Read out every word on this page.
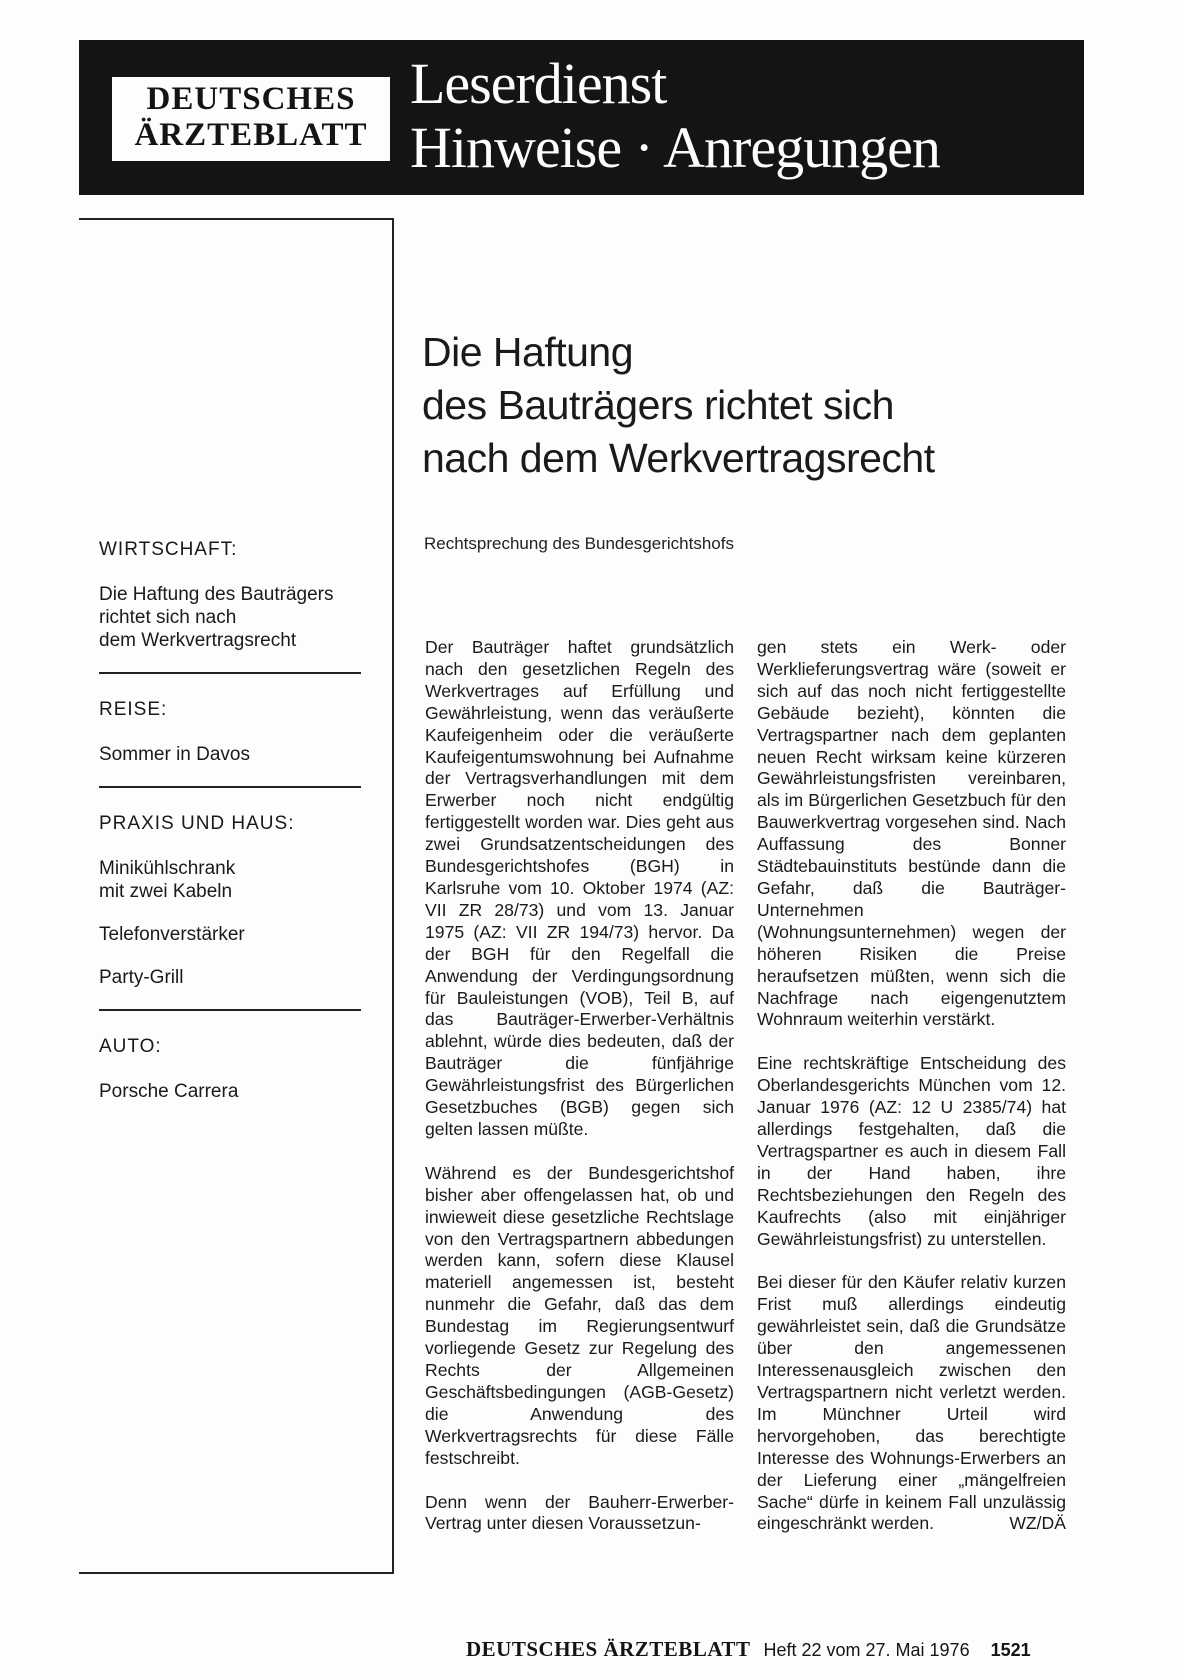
DEUTSCHES
ÄRZTEBLATT
Leserdienst
Hinweise · Anregungen
WIRTSCHAFT:
Die Haftung des Bauträgers
richtet sich nach
dem Werkvertragsrecht
REISE:
Sommer in Davos
PRAXIS UND HAUS:
Minikühlschrank
mit zwei Kabeln
Telefonverstärker
Party-Grill
AUTO:
Porsche Carrera
Die Haftung
des Bauträgers richtet sich
nach dem Werkvertragsrecht
Rechtsprechung des Bundesgerichtshofs

Der Bauträger haftet grundsätzlich nach den gesetzlichen Regeln des Werkvertrages auf Erfüllung und Gewährleistung, wenn das veräußerte Kaufeigenheim oder die veräußerte Kaufeigentumswohnung bei Aufnahme der Vertragsverhandlungen mit dem Erwerber noch nicht endgültig fertiggestellt worden war. Dies geht aus zwei Grundsatzentscheidungen des Bundesgerichtshofes (BGH) in Karlsruhe vom 10. Oktober 1974 (AZ: VII ZR 28/73) und vom 13. Januar 1975 (AZ: VII ZR 194/73) hervor. Da der BGH für den Regelfall die Anwendung der Verdingungsordnung für Bauleistungen (VOB), Teil B, auf das Bauträger-Erwerber-Verhältnis ablehnt, würde dies bedeuten, daß der Bauträger die fünfjährige Gewährleistungsfrist des Bürgerlichen Gesetzbuches (BGB) gegen sich gelten lassen müßte.

Während es der Bundesgerichtshof bisher aber offengelassen hat, ob und inwieweit diese gesetzliche Rechtslage von den Vertragspartnern abbedungen werden kann, sofern diese Klausel materiell angemessen ist, besteht nunmehr die Gefahr, daß das dem Bundestag im Regierungsentwurf vorliegende Gesetz zur Regelung des Rechts der Allgemeinen Geschäftsbedingungen (AGB-Gesetz) die Anwendung des Werkvertragsrechts für diese Fälle festschreibt.

Denn wenn der Bauherr-Erwerber-Vertrag unter diesen Voraussetzun-

gen stets ein Werk- oder Werklieferungsvertrag wäre (soweit er sich auf das noch nicht fertiggestellte Gebäude bezieht), könnten die Vertragspartner nach dem geplanten neuen Recht wirksam keine kürzeren Gewährleistungsfristen vereinbaren, als im Bürgerlichen Gesetzbuch für den Bauwerkvertrag vorgesehen sind. Nach Auffassung des Bonner Städtebauinstituts bestünde dann die Gefahr, daß die Bauträger-Unternehmen (Wohnungsunternehmen) wegen der höheren Risiken die Preise heraufsetzen müßten, wenn sich die Nachfrage nach eigengenutztem Wohnraum weiterhin verstärkt.

Eine rechtskräftige Entscheidung des Oberlandesgerichts München vom 12. Januar 1976 (AZ: 12 U 2385/74) hat allerdings festgehalten, daß die Vertragspartner es auch in diesem Fall in der Hand haben, ihre Rechtsbeziehungen den Regeln des Kaufrechts (also mit einjähriger Gewährleistungsfrist) zu unterstellen.

Bei dieser für den Käufer relativ kurzen Frist muß allerdings eindeutig gewährleistet sein, daß die Grundsätze über den angemessenen Interessenausgleich zwischen den Vertragspartnern nicht verletzt werden. Im Münchner Urteil wird hervorgehoben, das berechtigte Interesse des Wohnungs-Erwerbers an der Lieferung einer „mängelfreien Sache“ dürfe in keinem Fall unzulässig eingeschränkt werden.	WZ/DÄ

DEUTSCHES ÄRZTEBLATT Heft 22 vom 27. Mai 1976 1521
